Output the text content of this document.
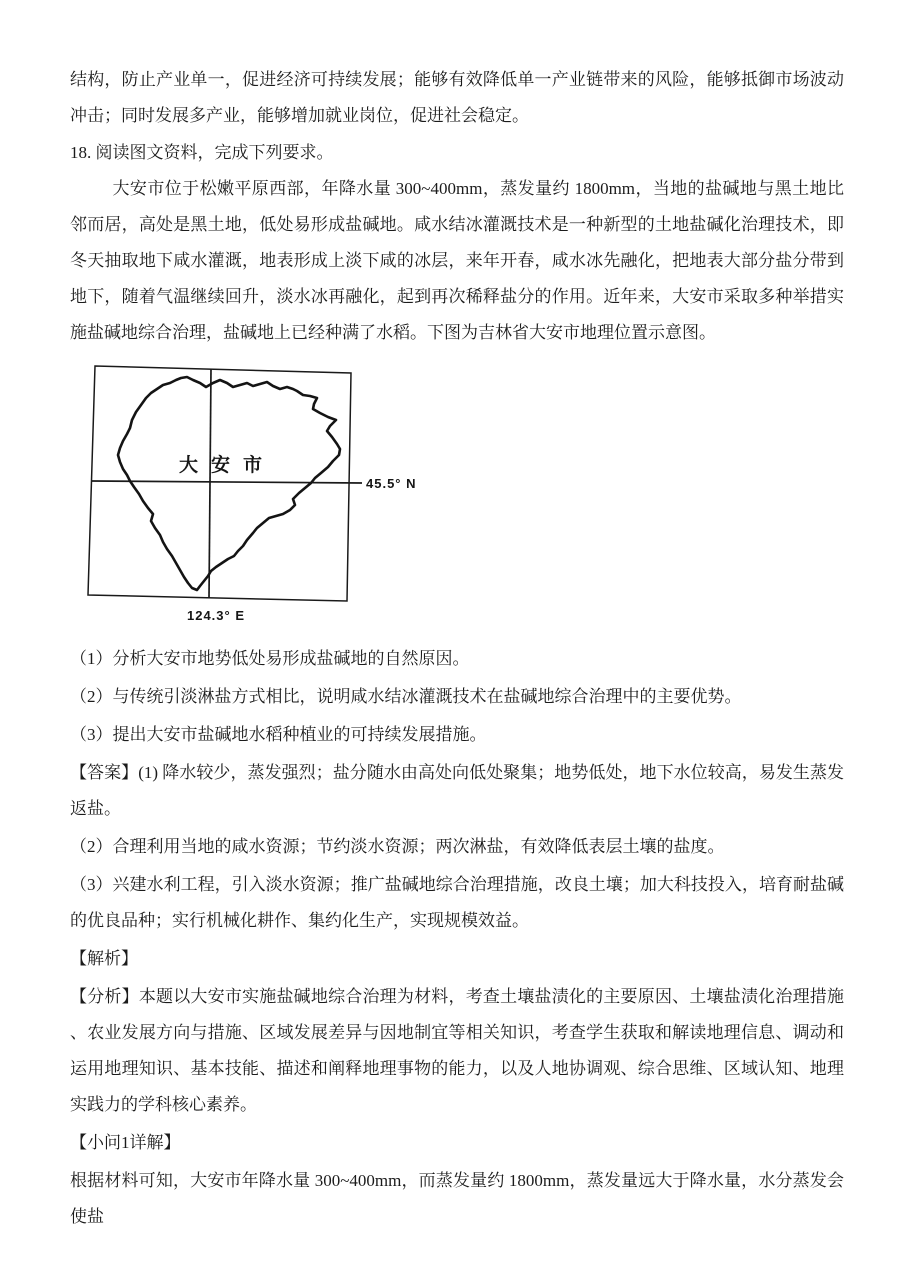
结构，防止产业单一，促进经济可持续发展；能够有效降低单一产业链带来的风险，能够抵御市场波动冲击；同时发展多产业，能够增加就业岗位，促进社会稳定。

18. 阅读图文资料，完成下列要求。

大安市位于松嫩平原西部，年降水量 300~400mm，蒸发量约 1800mm，当地的盐碱地与黑土地比邻而居，高处是黑土地，低处易形成盐碱地。咸水结冰灌溉技术是一种新型的土地盐碱化治理技术，即冬天抽取地下咸水灌溉，地表形成上淡下咸的冰层，来年开春，咸水冰先融化，把地表大部分盐分带到地下，随着气温继续回升，淡水冰再融化，起到再次稀释盐分的作用。近年来，大安市采取多种举措实施盐碱地综合治理，盐碱地上已经种满了水稻。下图为吉林省大安市地理位置示意图。

大安市
45.5° N
124.3° E

（1）分析大安市地势低处易形成盐碱地的自然原因。

（2）与传统引淡淋盐方式相比，说明咸水结冰灌溉技术在盐碱地综合治理中的主要优势。

（3）提出大安市盐碱地水稻种植业的可持续发展措施。

【答案】(1) 降水较少，蒸发强烈；盐分随水由高处向低处聚集；地势低处，地下水位较高，易发生蒸发返盐。

（2）合理利用当地的咸水资源；节约淡水资源；两次淋盐，有效降低表层土壤的盐度。

（3）兴建水利工程，引入淡水资源；推广盐碱地综合治理措施，改良土壤；加大科技投入，培育耐盐碱的优良品种；实行机械化耕作、集约化生产，实现规模效益。

【解析】

【分析】本题以大安市实施盐碱地综合治理为材料，考查土壤盐渍化的主要原因、土壤盐渍化治理措施 、农业发展方向与措施、区域发展差异与因地制宜等相关知识，考查学生获取和解读地理信息、调动和运用地理知识、基本技能、描述和阐释地理事物的能力，以及人地协调观、综合思维、区域认知、地理实践力的学科核心素养。

【小问1详解】

根据材料可知，大安市年降水量 300~400mm，而蒸发量约 1800mm，蒸发量远大于降水量，水分蒸发会使盐
